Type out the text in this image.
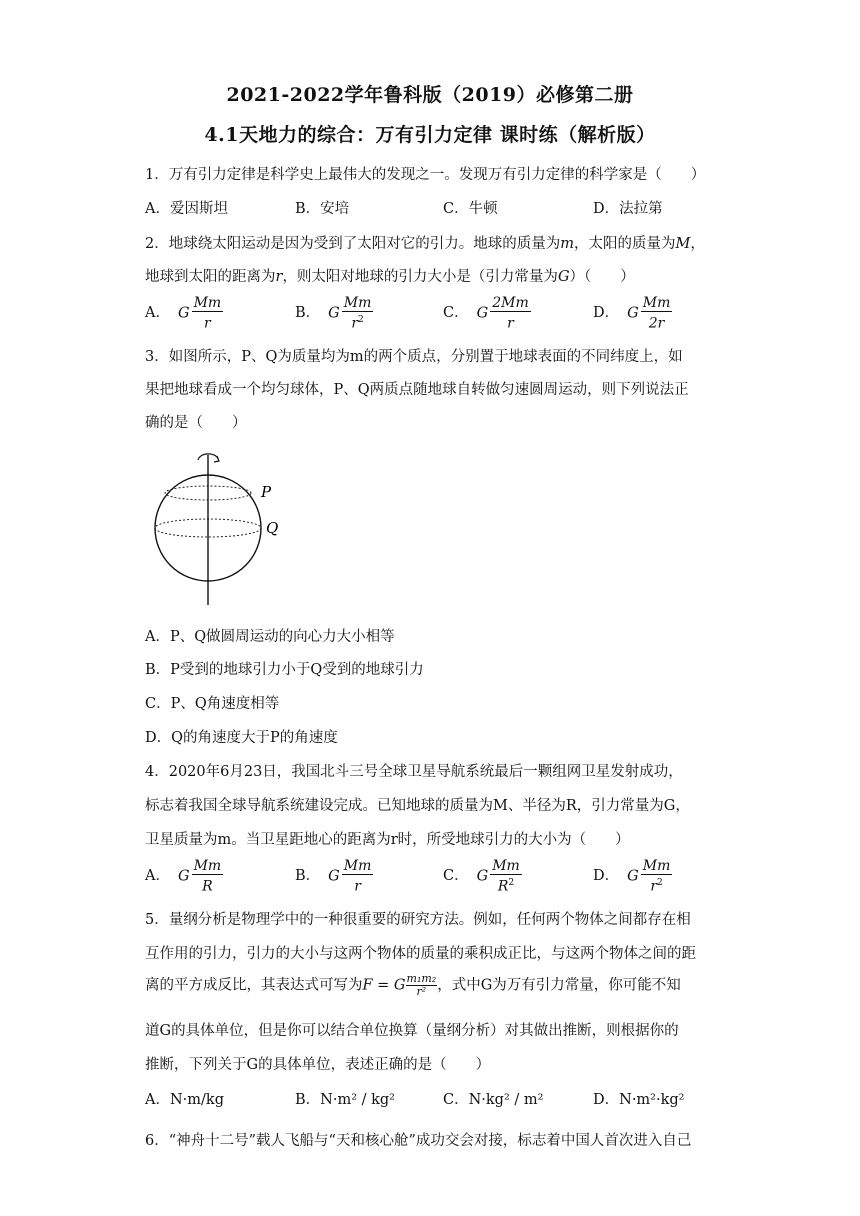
2021-2022学年鲁科版（2019）必修第二册
4.1天地力的综合：万有引力定律 课时练（解析版）
1．万有引力定律是科学史上最伟大的发现之一。发现万有引力定律的科学家是（　　）
A．爱因斯坦	B．安培	C．牛顿	D．法拉第
2．地球绕太阳运动是因为受到了太阳对它的引力。地球的质量为m，太阳的质量为M，
地球到太阳的距离为r，则太阳对地球的引力大小是（引力常量为G）（　　）
A． G $\frac{Mm}{r}$	B． G $\frac{Mm}{r^2}$	C． G $\frac{2Mm}{r}$	D． G $\frac{Mm}{2r}$
3．如图所示，P、Q为质量均为m的两个质点，分别置于地球表面的不同纬度上，如
果把地球看成一个均匀球体，P、Q两质点随地球自转做匀速圆周运动，则下列说法正
确的是（　　）
P
Q
A．P、Q做圆周运动的向心力大小相等
B．P受到的地球引力小于Q受到的地球引力
C．P、Q角速度相等
D．Q的角速度大于P的角速度
4．2020年6月23日，我国北斗三号全球卫星导航系统最后一颗组网卫星发射成功，
标志着我国全球导航系统建设完成。已知地球的质量为M、半径为R，引力常量为G，
卫星质量为m。当卫星距地心的距离为r时，所受地球引力的大小为（　　）
A． G $\frac{Mm}{R}$	B． G $\frac{Mm}{r}$	C． G $\frac{Mm}{R^2}$	D． G $\frac{Mm}{r^2}$
5．量纲分析是物理学中的一种很重要的研究方法。例如，任何两个物体之间都存在相
互作用的引力，引力的大小与这两个物体的质量的乘积成正比，与这两个物体之间的距
离的平方成反比，其表达式可写为F = G $\frac{\text{m₁m₂}}{\text{r²}}$ ，式中G为万有引力常量，你可能不知
道G的具体单位，但是你可以结合单位换算（量纲分析）对其做出推断，则根据你的
推断，下列关于G的具体单位，表述正确的是（　　）
A．N·m/kg	B．N·m² / kg²	C．N·kg² / m²	D．N·m²·kg²
6．“神舟十二号”载人飞船与“天和核心舱”成功交会对接，标志着中国人首次进入自己
